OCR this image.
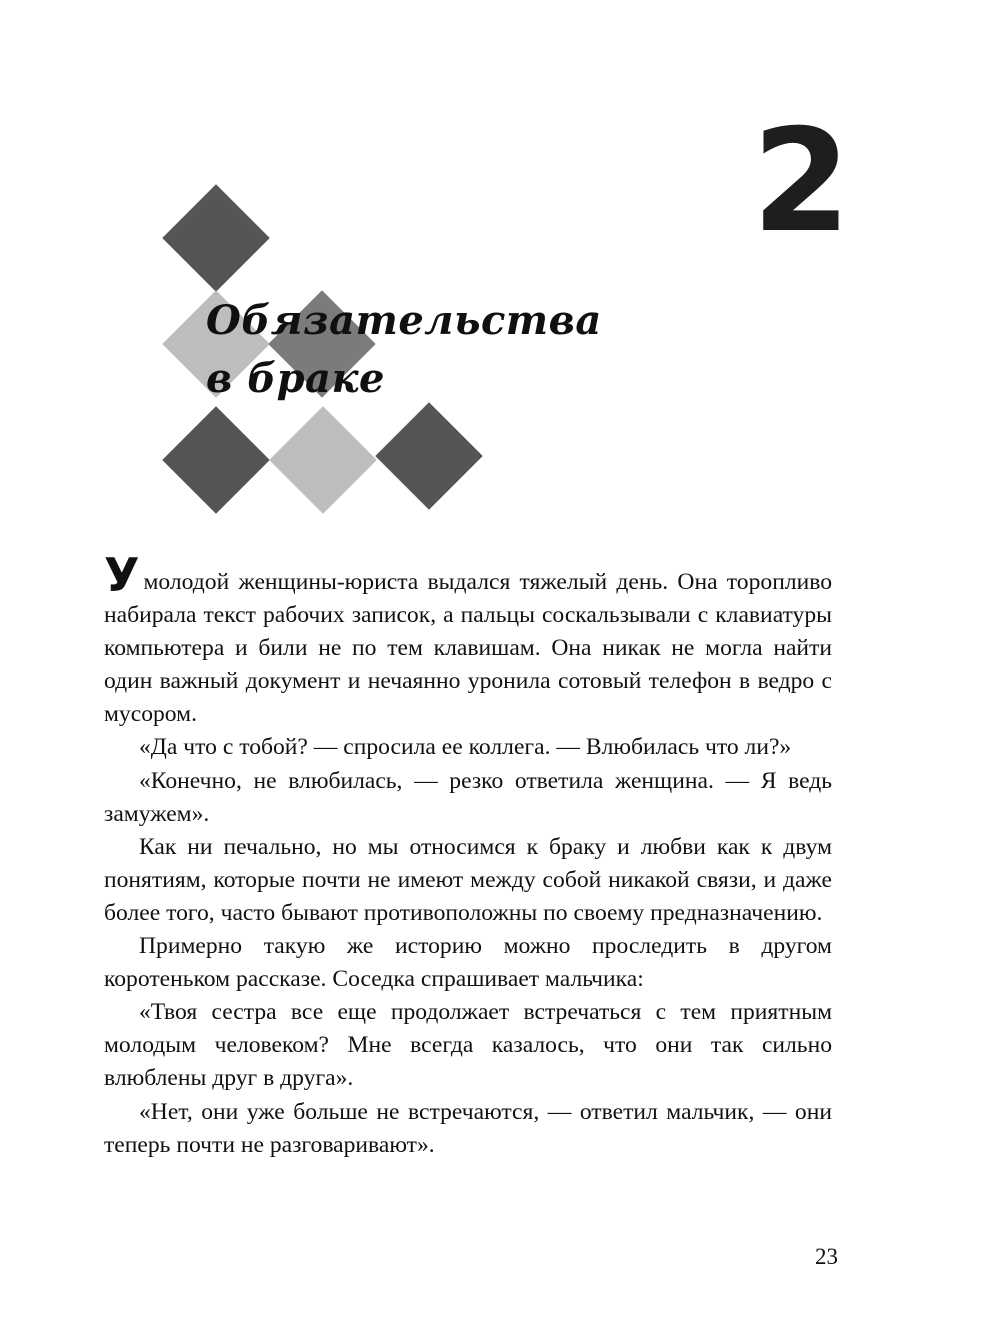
2
Обязательства
в браке

Умолодой женщины-юриста выдался тяжелый день. Она торопливо набирала текст рабочих записок, а пальцы соскальзывали с клавиатуры компьютера и били не по тем клавишам. Она никак не могла найти один важный документ и нечаянно уронила сотовый телефон в ведро с мусором.

«Да что с тобой? — спросила ее коллега. — Влюбилась что ли?»

«Конечно, не влюбилась, — резко ответила женщина. — Я ведь замужем».

Как ни печально, но мы относимся к браку и любви как к двум понятиям, которые почти не имеют между собой никакой связи, и даже более того, часто бывают противоположны по своему предназначению.

Примерно такую же историю можно проследить в другом коротеньком рассказе. Соседка спрашивает мальчика:

«Твоя сестра все еще продолжает встречаться с тем приятным молодым человеком? Мне всегда казалось, что они так сильно влюблены друг в друга».

«Нет, они уже больше не встречаются, — ответил мальчик, — они теперь почти не разговаривают».

23
